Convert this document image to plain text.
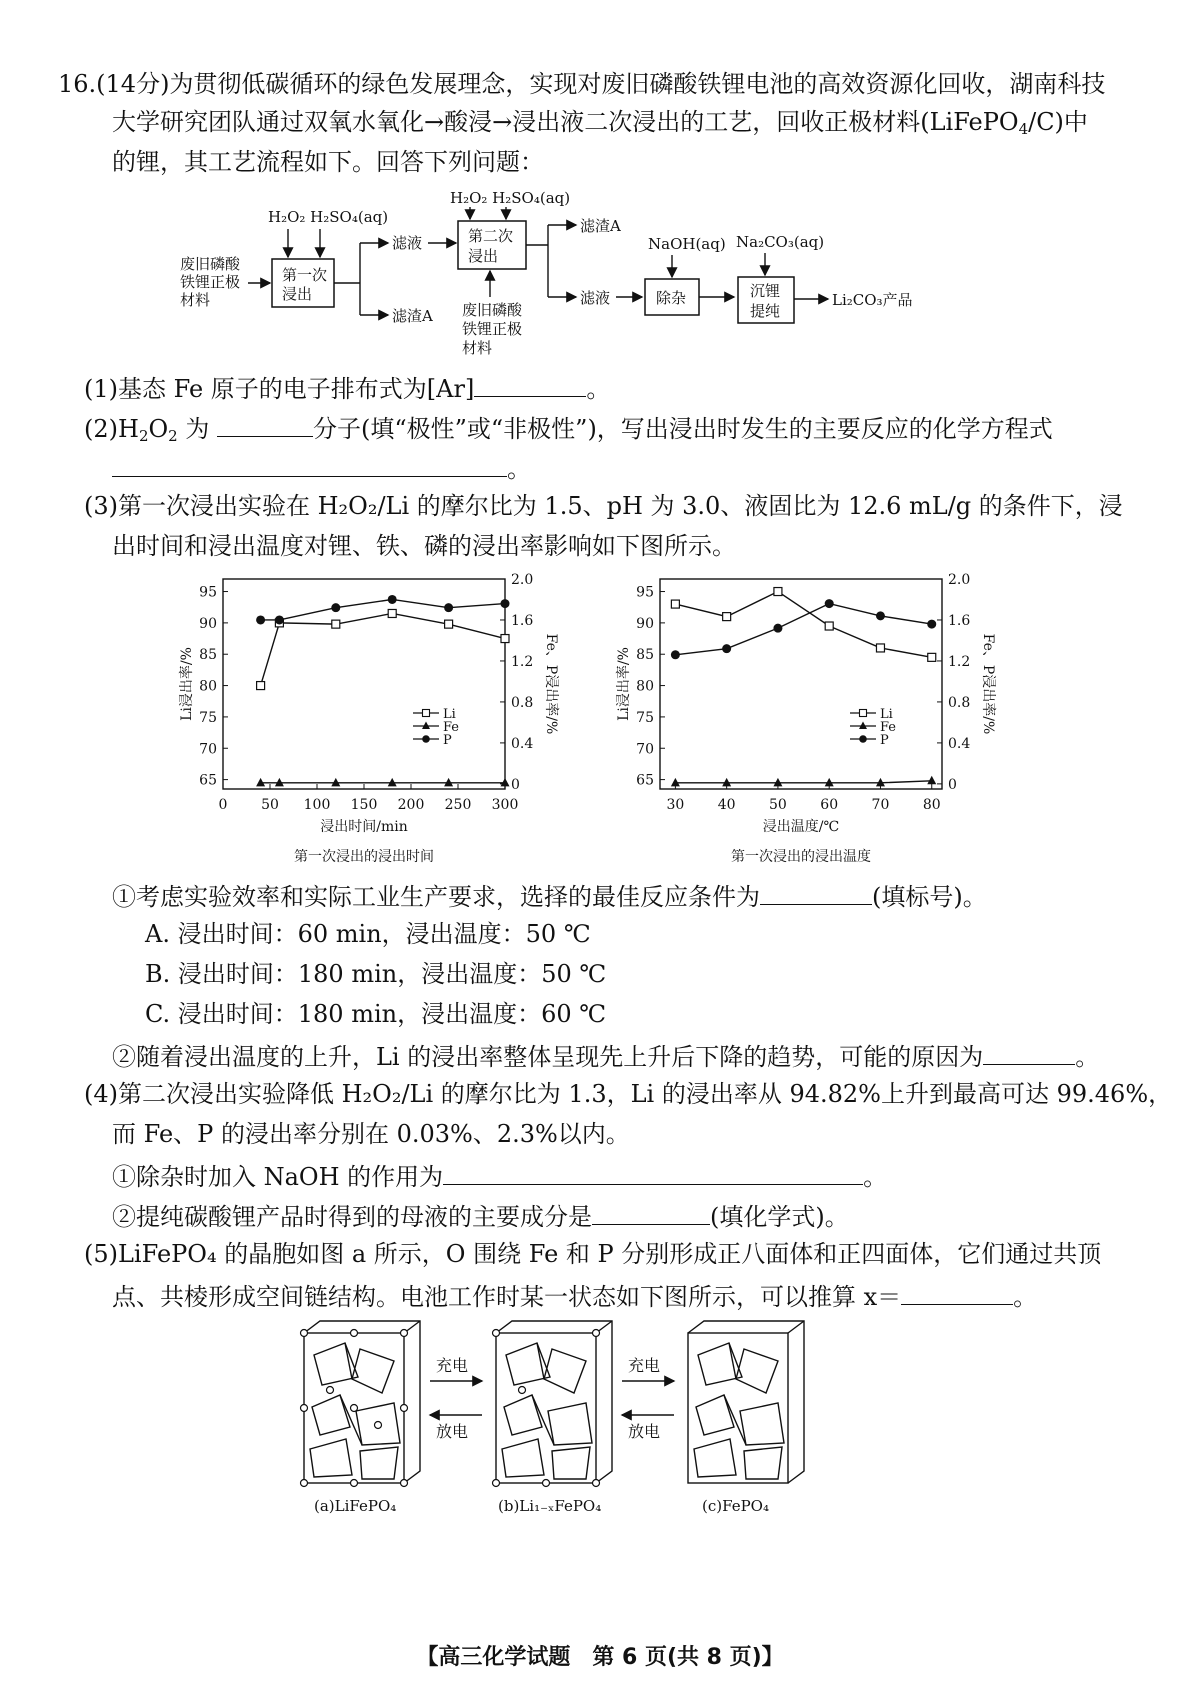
16.(14分)为贯彻低碳循环的绿色发展理念，实现对废旧磷酸铁锂电池的高效资源化回收，湖南科技
大学研究团队通过双氧水氧化→酸浸→浸出液二次浸出的工艺，回收正极材料(LiFePO$_4$/C)中
的锂，其工艺流程如下。回答下列问题：
废旧磷酸
铁锂正极
材料
H₂O₂ H₂SO₄(aq)
第一次
浸出
滤液
滤渣A
H₂O₂ H₂SO₄(aq)
第二次
浸出
废旧磷酸
铁锂正极
材料
滤渣A
滤液
NaOH(aq)
除杂
Na₂CO₃(aq)
沉锂
提纯
Li₂CO₃产品
(1)基态 Fe 原子的电子排布式为[Ar]	。
$(2)H_2O_2$ 为	分子(填“极性”或“非极性”)，写出浸出时发生的主要反应的化学方程式
。
(3)第一次浸出实验在 H₂O₂/Li 的摩尔比为 1.5、pH 为 3.0、液固比为 12.6 mL/g 的条件下，浸
出时间和浸出温度对锂、铁、磷的浸出率影响如下图所示。
0 50 100 150 200 250 300
65
70
75
80
85
90
95
0
0.4
0.8
1.2
1.6
2.0
浸出时间/min
Li浸出率/%	Fe、P浸出率/%
第一次浸出的浸出时间
Li
Fe
P
30 40 50 60 70 80
65
70
75
80
85
90
95
0
0.4
0.8
1.2
1.6
2.0
浸出温度/℃
Li浸出率/%	Fe、P浸出率/%
第一次浸出的浸出温度
Li
Fe
P
①考虑实验效率和实际工业生产要求，选择的最佳反应条件为	(填标号)。
A. 浸出时间：60 min，浸出温度：50 ℃
B. 浸出时间：180 min，浸出温度：50 ℃
C. 浸出时间：180 min，浸出温度：60 ℃
②随着浸出温度的上升，Li 的浸出率整体呈现先上升后下降的趋势，可能的原因为	。
(4)第二次浸出实验降低 H₂O₂/Li 的摩尔比为 1.3，Li 的浸出率从 94.82%上升到最高可达 99.46%，
而 Fe、P 的浸出率分别在 0.03%、2.3%以内。
①除杂时加入 NaOH 的作用为	。
②提纯碳酸锂产品时得到的母液的主要成分是	(填化学式)。
(5)LiFePO₄ 的晶胞如图 a 所示，O 围绕 Fe 和 P 分别形成正八面体和正四面体，它们通过共顶
点、共棱形成空间链结构。电池工作时某一状态如下图所示，可以推算 x＝	。
充电
放电
充电
放电
(a)LiFePO₄	(b)Li₁₋ₓFePO₄	(c)FePO₄
【高三化学试题　第 6 页(共 8 页)】
